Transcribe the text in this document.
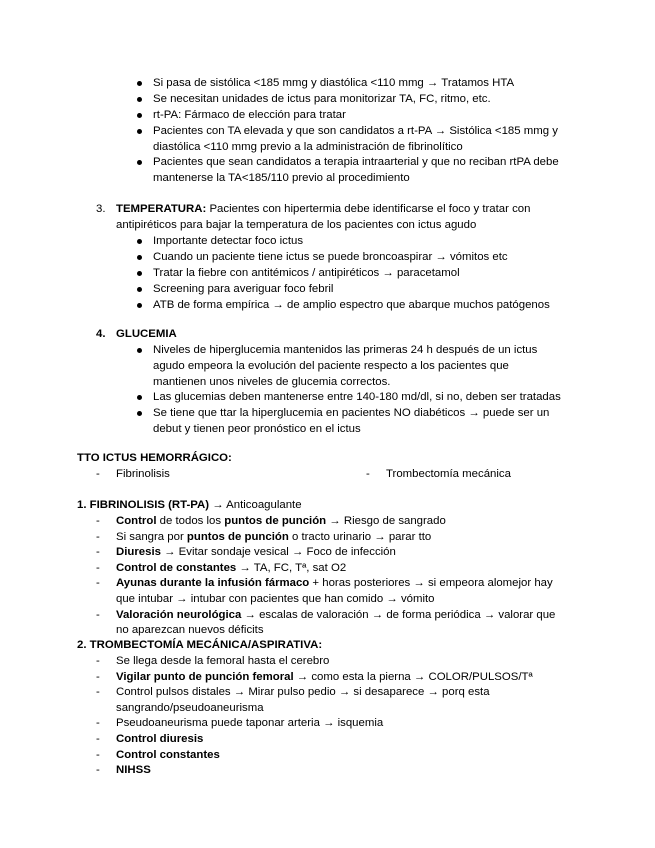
Si pasa de sistólica <185 mmg y diastólica <110 mmg → Tratamos HTA
Se necesitan unidades de ictus para monitorizar TA, FC, ritmo, etc.
rt-PA: Fármaco de elección para tratar
Pacientes con TA elevada y que son candidatos a rt-PA → Sistólica <185 mmg y
diastólica <110 mmg previo a la administración de fibrinolítico
Pacientes que sean candidatos a terapia intraarterial y que no reciban rtPA debe
mantenerse la TA<185/110 previo al procedimiento
3. TEMPERATURA: Pacientes con hipertermia debe identificarse el foco y tratar con
antipiréticos para bajar la temperatura de los pacientes con ictus agudo
Importante detectar foco ictus
Cuando un paciente tiene ictus se puede broncoaspirar → vómitos etc
Tratar la fiebre con antitémicos / antipiréticos → paracetamol
Screening para averiguar foco febril
ATB de forma empírica → de amplio espectro que abarque muchos patógenos
4. GLUCEMIA
Niveles de hiperglucemia mantenidos las primeras 24 h después de un ictus
agudo empeora la evolución del paciente respecto a los pacientes que
mantienen unos niveles de glucemia correctos.
Las glucemias deben mantenerse entre 140-180 md/dl, si no, deben ser tratadas
Se tiene que ttar la hiperglucemia en pacientes NO diabéticos → puede ser un
debut y tienen peor pronóstico en el ictus
TTO ICTUS HEMORRÁGICO:
- Fibrinolisis	- Trombectomía mecánica
1. FIBRINOLISIS (RT-PA) → Anticoagulante
- Control de todos los puntos de punción → Riesgo de sangrado
- Si sangra por puntos de punción o tracto urinario → parar tto
- Diuresis → Evitar sondaje vesical → Foco de infección
- Control de constantes → TA, FC, Tª, sat O2
- Ayunas durante la infusión fármaco + horas posteriores → si empeora alomejor hay
que intubar → intubar con pacientes que han comido → vómito
- Valoración neurológica → escalas de valoración → de forma periódica → valorar que
no aparezcan nuevos déficits
2. TROMBECTOMÍA MECÁNICA/ASPIRATIVA:
- Se llega desde la femoral hasta el cerebro
- Vigilar punto de punción femoral → como esta la pierna → COLOR/PULSOS/Tª
- Control pulsos distales → Mirar pulso pedio → si desaparece → porq esta
sangrando/pseudoaneurisma
- Pseudoaneurisma puede taponar arteria → isquemia
- Control diuresis
- Control constantes
- NIHSS
